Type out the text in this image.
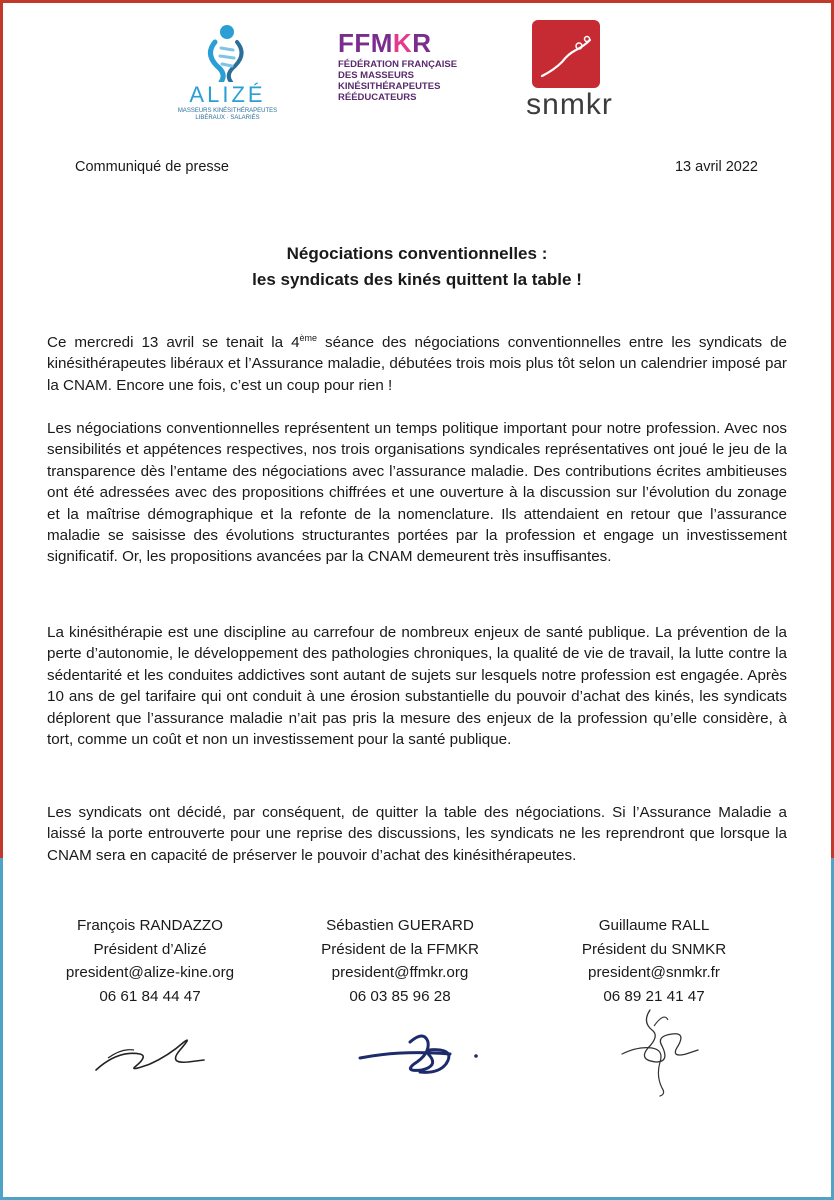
ALIZÉ
MASSEURS KINÉSITHÉRAPEUTES
LIBÉRAUX · SALARIÉS
FFMKR
FÉDÉRATION FRANÇAISE
DES MASSEURS
KINÉSITHÉRAPEUTES
RÉÉDUCATEURS	snmkr
Communiqué de presse	13 avril 2022
Négociations conventionnelles :
les syndicats des kinés quittent la table !
Ce mercredi 13 avril se tenait la 4ème séance des négociations conventionnelles entre les syndicats de kinésithérapeutes libéraux et l’Assurance maladie, débutées trois mois plus tôt selon un calendrier imposé par la CNAM. Encore une fois, c’est un coup pour rien !
Les négociations conventionnelles représentent un temps politique important pour notre profession. Avec nos sensibilités et appétences respectives, nos trois organisations syndicales représentatives ont joué le jeu de la transparence dès l’entame des négociations avec l’assurance maladie. Des contributions écrites ambitieuses ont été adressées avec des propositions chiffrées et une ouverture à la discussion sur l’évolution du zonage et la maîtrise démographique et la refonte de la nomenclature. Ils attendaient en retour que l’assurance maladie se saisisse des évolutions structurantes portées par la profession et engage un investissement significatif. Or, les propositions avancées par la CNAM demeurent très insuffisantes.
La kinésithérapie est une discipline au carrefour de nombreux enjeux de santé publique. La prévention de la perte d’autonomie, le développement des pathologies chroniques, la qualité de vie de travail, la lutte contre la sédentarité et les conduites addictives sont autant de sujets sur lesquels notre profession est engagée. Après 10 ans de gel tarifaire qui ont conduit à une érosion substantielle du pouvoir d’achat des kinés, les syndicats déplorent que l’assurance maladie n’ait pas pris la mesure des enjeux de la profession qu’elle considère, à tort, comme un coût et non un investissement pour la santé publique.
Les syndicats ont décidé, par conséquent, de quitter la table des négociations. Si l’Assurance Maladie a laissé la porte entrouverte pour une reprise des discussions, les syndicats ne les reprendront que lorsque la CNAM sera en capacité de préserver le pouvoir d’achat des kinésithérapeutes.
François RANDAZZO
Président d’Alizé
president@alize-kine.org
06 61 84 44 47
Sébastien GUERARD
Président de la FFMKR
president@ffmkr.org
06 03 85 96 28
Guillaume RALL
Président du SNMKR
president@snmkr.fr
06 89 21 41 47
